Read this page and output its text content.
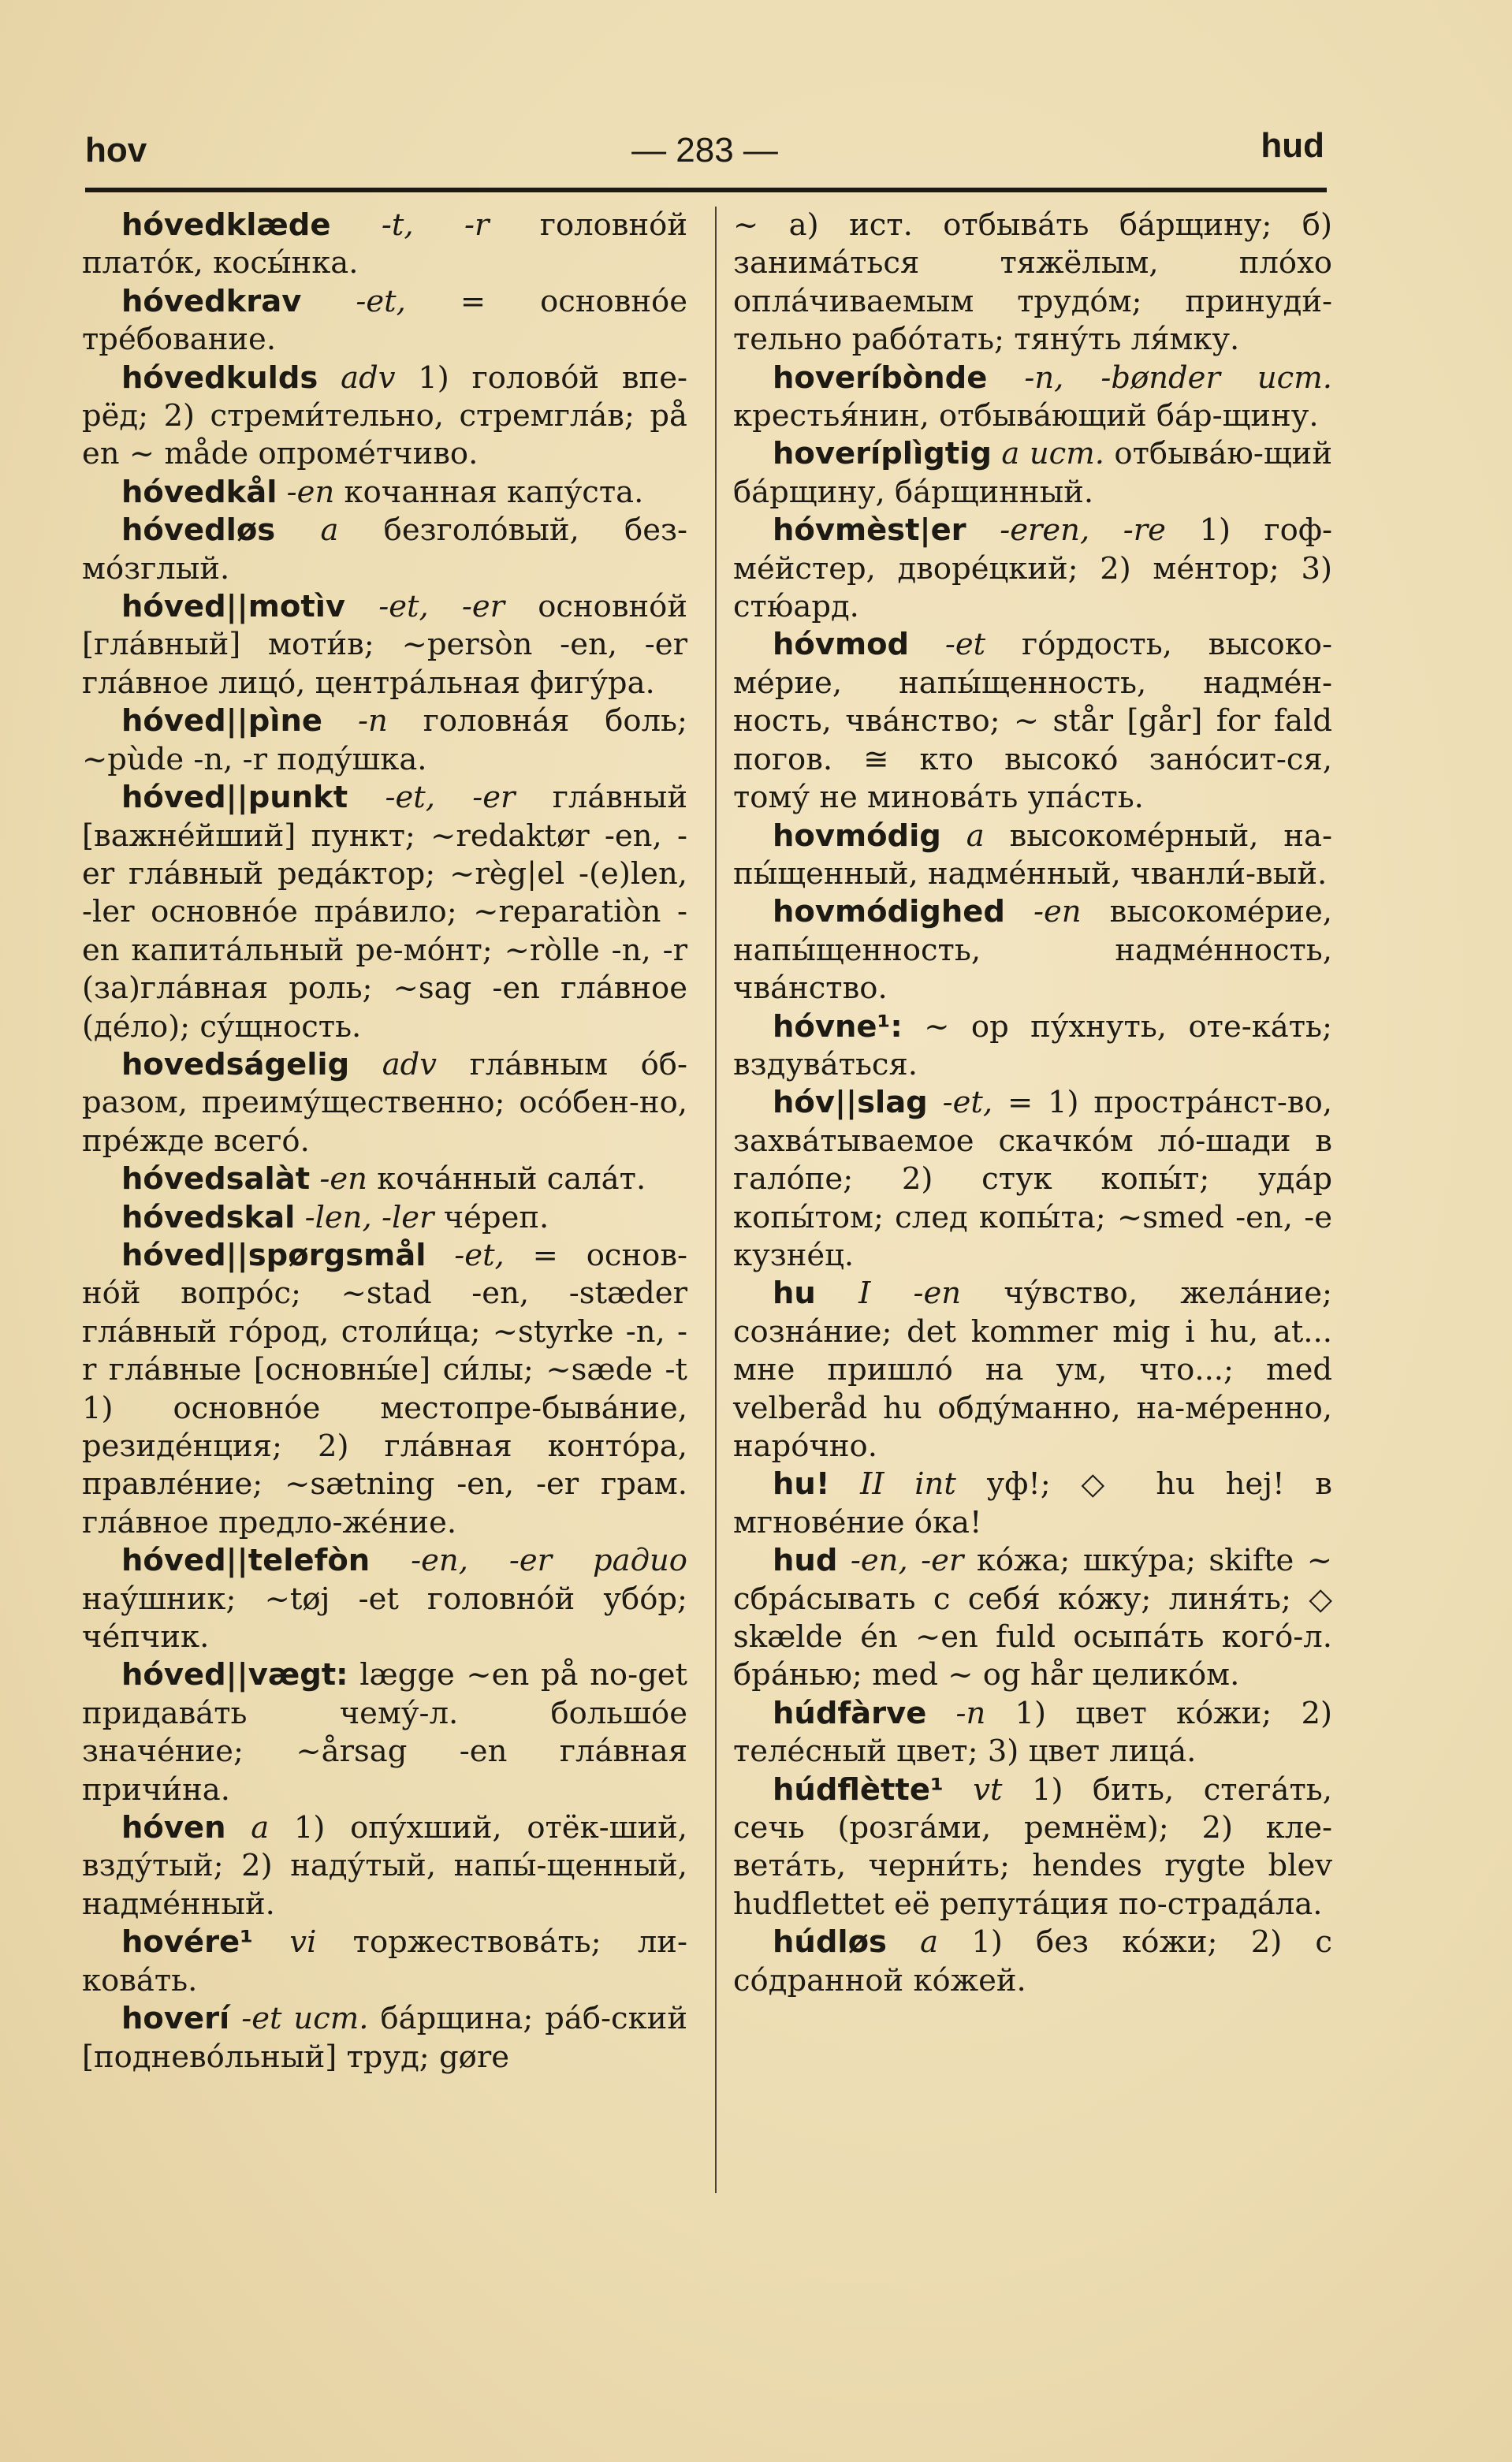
hov	— 283 —	hud

hóvedklæde -t, -r головно́й плато́к, косы́нка.

hóvedkrav -et, = основно́е тре́бование.

hóvedkulds adv 1) голово́й впе-рёд; 2) стреми́тельно, стремгла́в; på en ~ måde опроме́тчиво.

hóvedkål -en кочанная капу́ста.

hóvedløs a безголо́вый, без-мо́зглый.

hóved||motìv -et, -er основно́й [гла́вный] моти́в; ~persòn -en, -er гла́вное лицо́, центра́льная фигу́ра.

hóved||pìne -n головна́я боль; ~pùde -n, -r поду́шка.

hóved||punkt -et, -er гла́вный [важне́йший] пункт; ~redaktør -en, -er гла́вный реда́ктор; ~règ|el -(e)len, -ler основно́е пра́вило; ~reparatiòn -en капита́льный ре-мо́нт; ~ròlle -n, -r (за)гла́вная роль; ~sag -en гла́вное (де́ло); су́щность.

hovedságelig adv гла́вным о́б-разом, преиму́щественно; осо́бен-но, пре́жде всего́.

hóvedsalàt -en коча́нный сала́т.

hóvedskal -len, -ler че́реп.

hóved||spørgsmål -et, = основ-но́й вопро́с; ~stad -en, -stæder гла́вный го́род, столи́ца; ~styrke -n, -r гла́вные [основны́е] си́лы; ~sæde -t 1) основно́е местопре-быва́ние, резиде́нция; 2) гла́вная конто́ра, правле́ние; ~sætning -en, -er грам. гла́вное предло-же́ние.

hóved||telefòn -en, -er радио нау́шник; ~tøj -et головно́й убо́р; че́пчик.

hóved||vægt: lægge ~en på no-get придава́ть чему́-л. большо́е значе́ние; ~årsag -en гла́вная причи́на.

hóven a 1) опу́хший, отёк-ший, взду́тый; 2) наду́тый, напы́-щенный, надме́нный.

hovére¹ vi торжествова́ть; ли-кова́ть.

hoverí -et ист. ба́рщина; ра́б-ский [поднево́льный] труд; gøre

~ а) ист. отбыва́ть ба́рщину; б) занима́ться тяжёлым, пло́хо опла́чиваемым трудо́м; принуди́-тельно рабо́тать; тяну́ть ля́мку.

hoveríbònde -n, -bønder ист. крестья́нин, отбыва́ющий ба́р-щину.

hoveríplìgtig a ист. отбыва́ю-щий ба́рщину, ба́рщинный.

hóvmèst|er -eren, -re 1) гоф-ме́йстер, дворе́цкий; 2) ме́нтор; 3) стю́ард.

hóvmod -et го́рдость, высоко-ме́рие, напы́щенность, надме́н-ность, чва́нство; ~ står [går] for fald погов. ≅ кто высоко́ зано́сит-ся, тому́ не минова́ть упа́сть.

hovmódig a высокоме́рный, на-пы́щенный, надме́нный, чванли́-вый.

hovmódighed -en высокоме́рие, напы́щенность, надме́нность, чва́нство.

hóvne¹: ~ op пу́хнуть, оте-ка́ть; вздува́ться.

hóv||slag -et, = 1) простра́нст-во, захва́тываемое скачко́м ло́-шади в гало́пе; 2) стук копы́т; уда́р копы́том; след копы́та; ~smed -en, -e кузне́ц.

hu I -en чу́вство, жела́ние; созна́ние; det kommer mig i hu, at... мне пришло́ на ум, что...; med velberåd hu обду́манно, на-ме́ренно, наро́чно.

hu! II int уф!; ◇ hu hej! в мгнове́ние о́ка!

hud -en, -er ко́жа; шку́ра; skifte ~ сбра́сывать с себя́ ко́жу; линя́ть; ◇ skælde én ~en fuld осыпа́ть кого́-л. бра́нью; med ~ og hår целико́м.

húdfàrve -n 1) цвет ко́жи; 2) теле́сный цвет; 3) цвет лица́.

húdflètte¹ vt 1) бить, стега́ть, сечь (розга́ми, ремнём); 2) кле-вета́ть, черни́ть; hendes rygte blev hudflettet её репута́ция по-страда́ла.

húdløs a 1) без ко́жи; 2) с со́дранной ко́жей.
